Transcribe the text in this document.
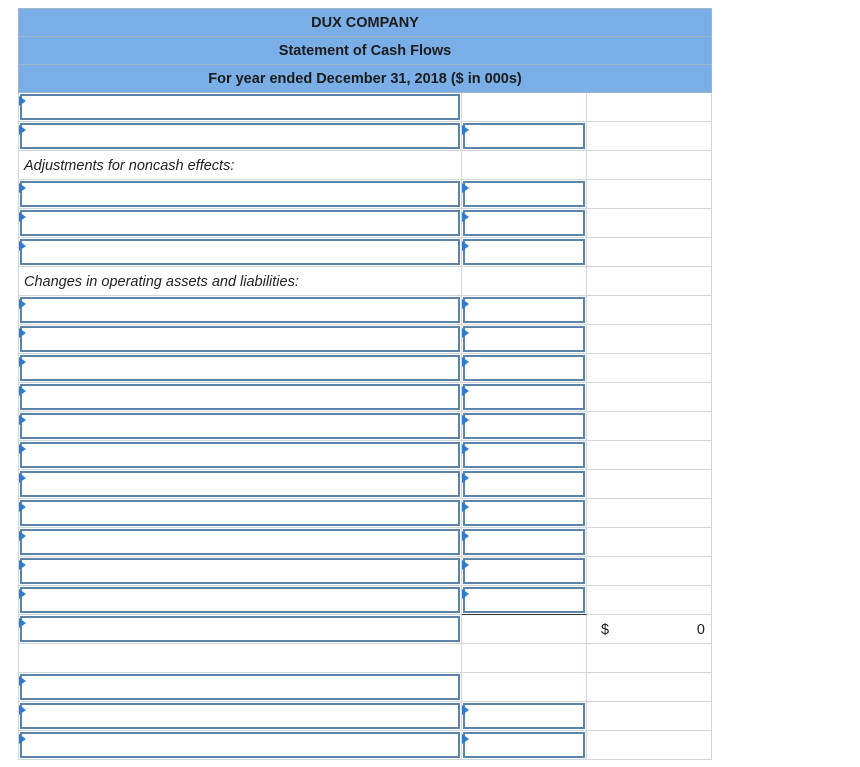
DUX COMPANY
Statement of Cash Flows
For year ended December 31, 2018 ($ in 000s)
Adjustments for noncash effects:
Changes in operating assets and liabilities:
$	0
